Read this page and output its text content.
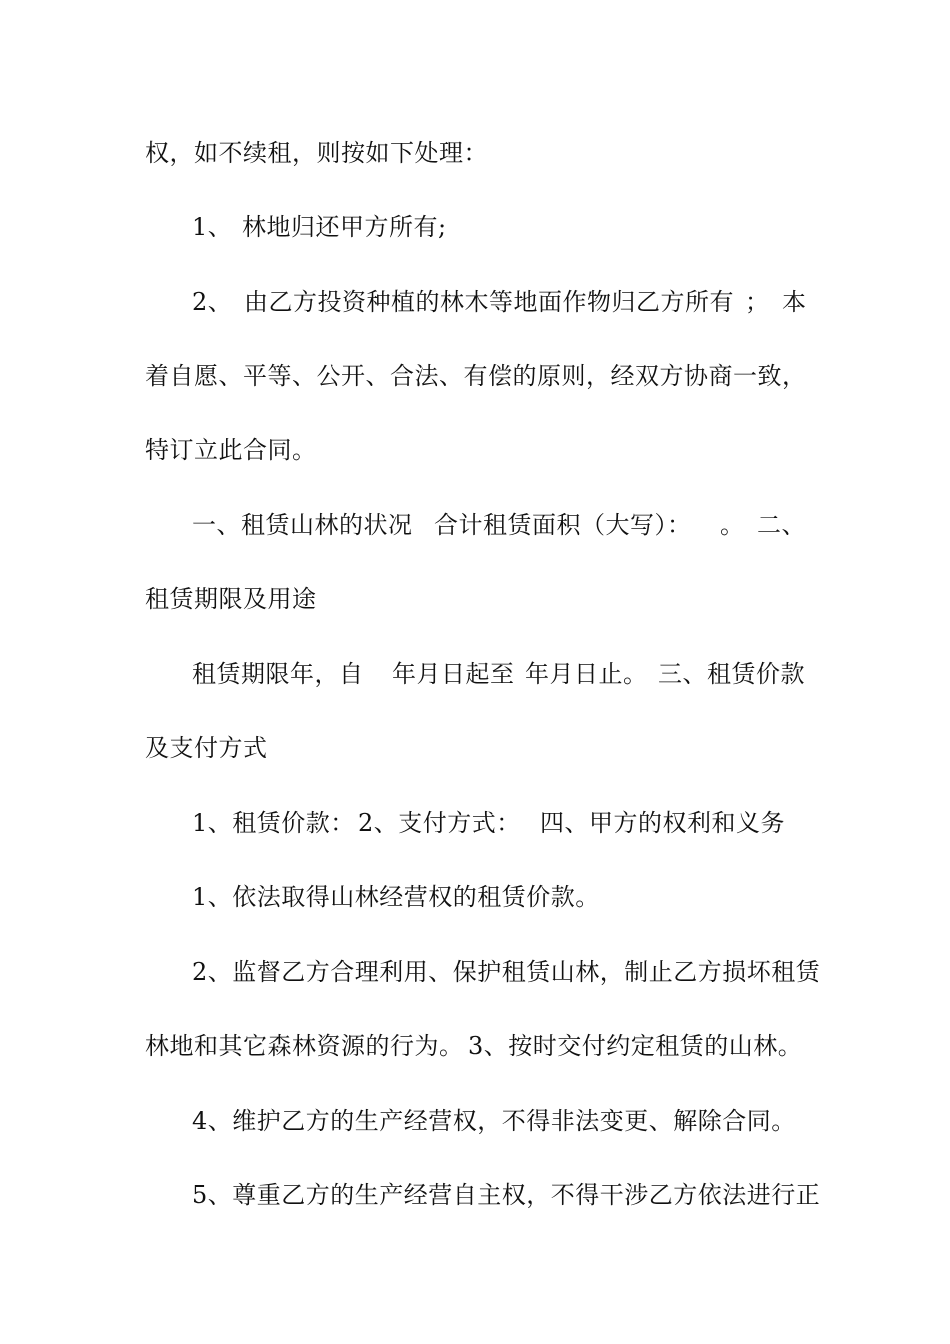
权，如不续租，则按如下处理：

1、

林地归还甲方所有;

2、

由乙方投资种植的林木等地面作物归乙方所有

；

本

着自愿、平等、公开、合法、有偿的原则，经双方协商一致，

特订立此合同。

一、租赁山林的状况

合计租赁面积（大写）：

。

二、

租赁期限及用途

租赁期限年，自

年月日起至

年月日止。

三、租赁价款

及支付方式

1、租赁价款：

2、支付方式：

四、甲方的权利和义务

1、依法取得山林经营权的租赁价款。

2、监督乙方合理利用、保护租赁山林，制止乙方损坏租赁

林地和其它森林资源的行为。

3、按时交付约定租赁的山林。

4、维护乙方的生产经营权，不得非法变更、解除合同。

5、尊重乙方的生产经营自主权，不得干涉乙方依法进行正
